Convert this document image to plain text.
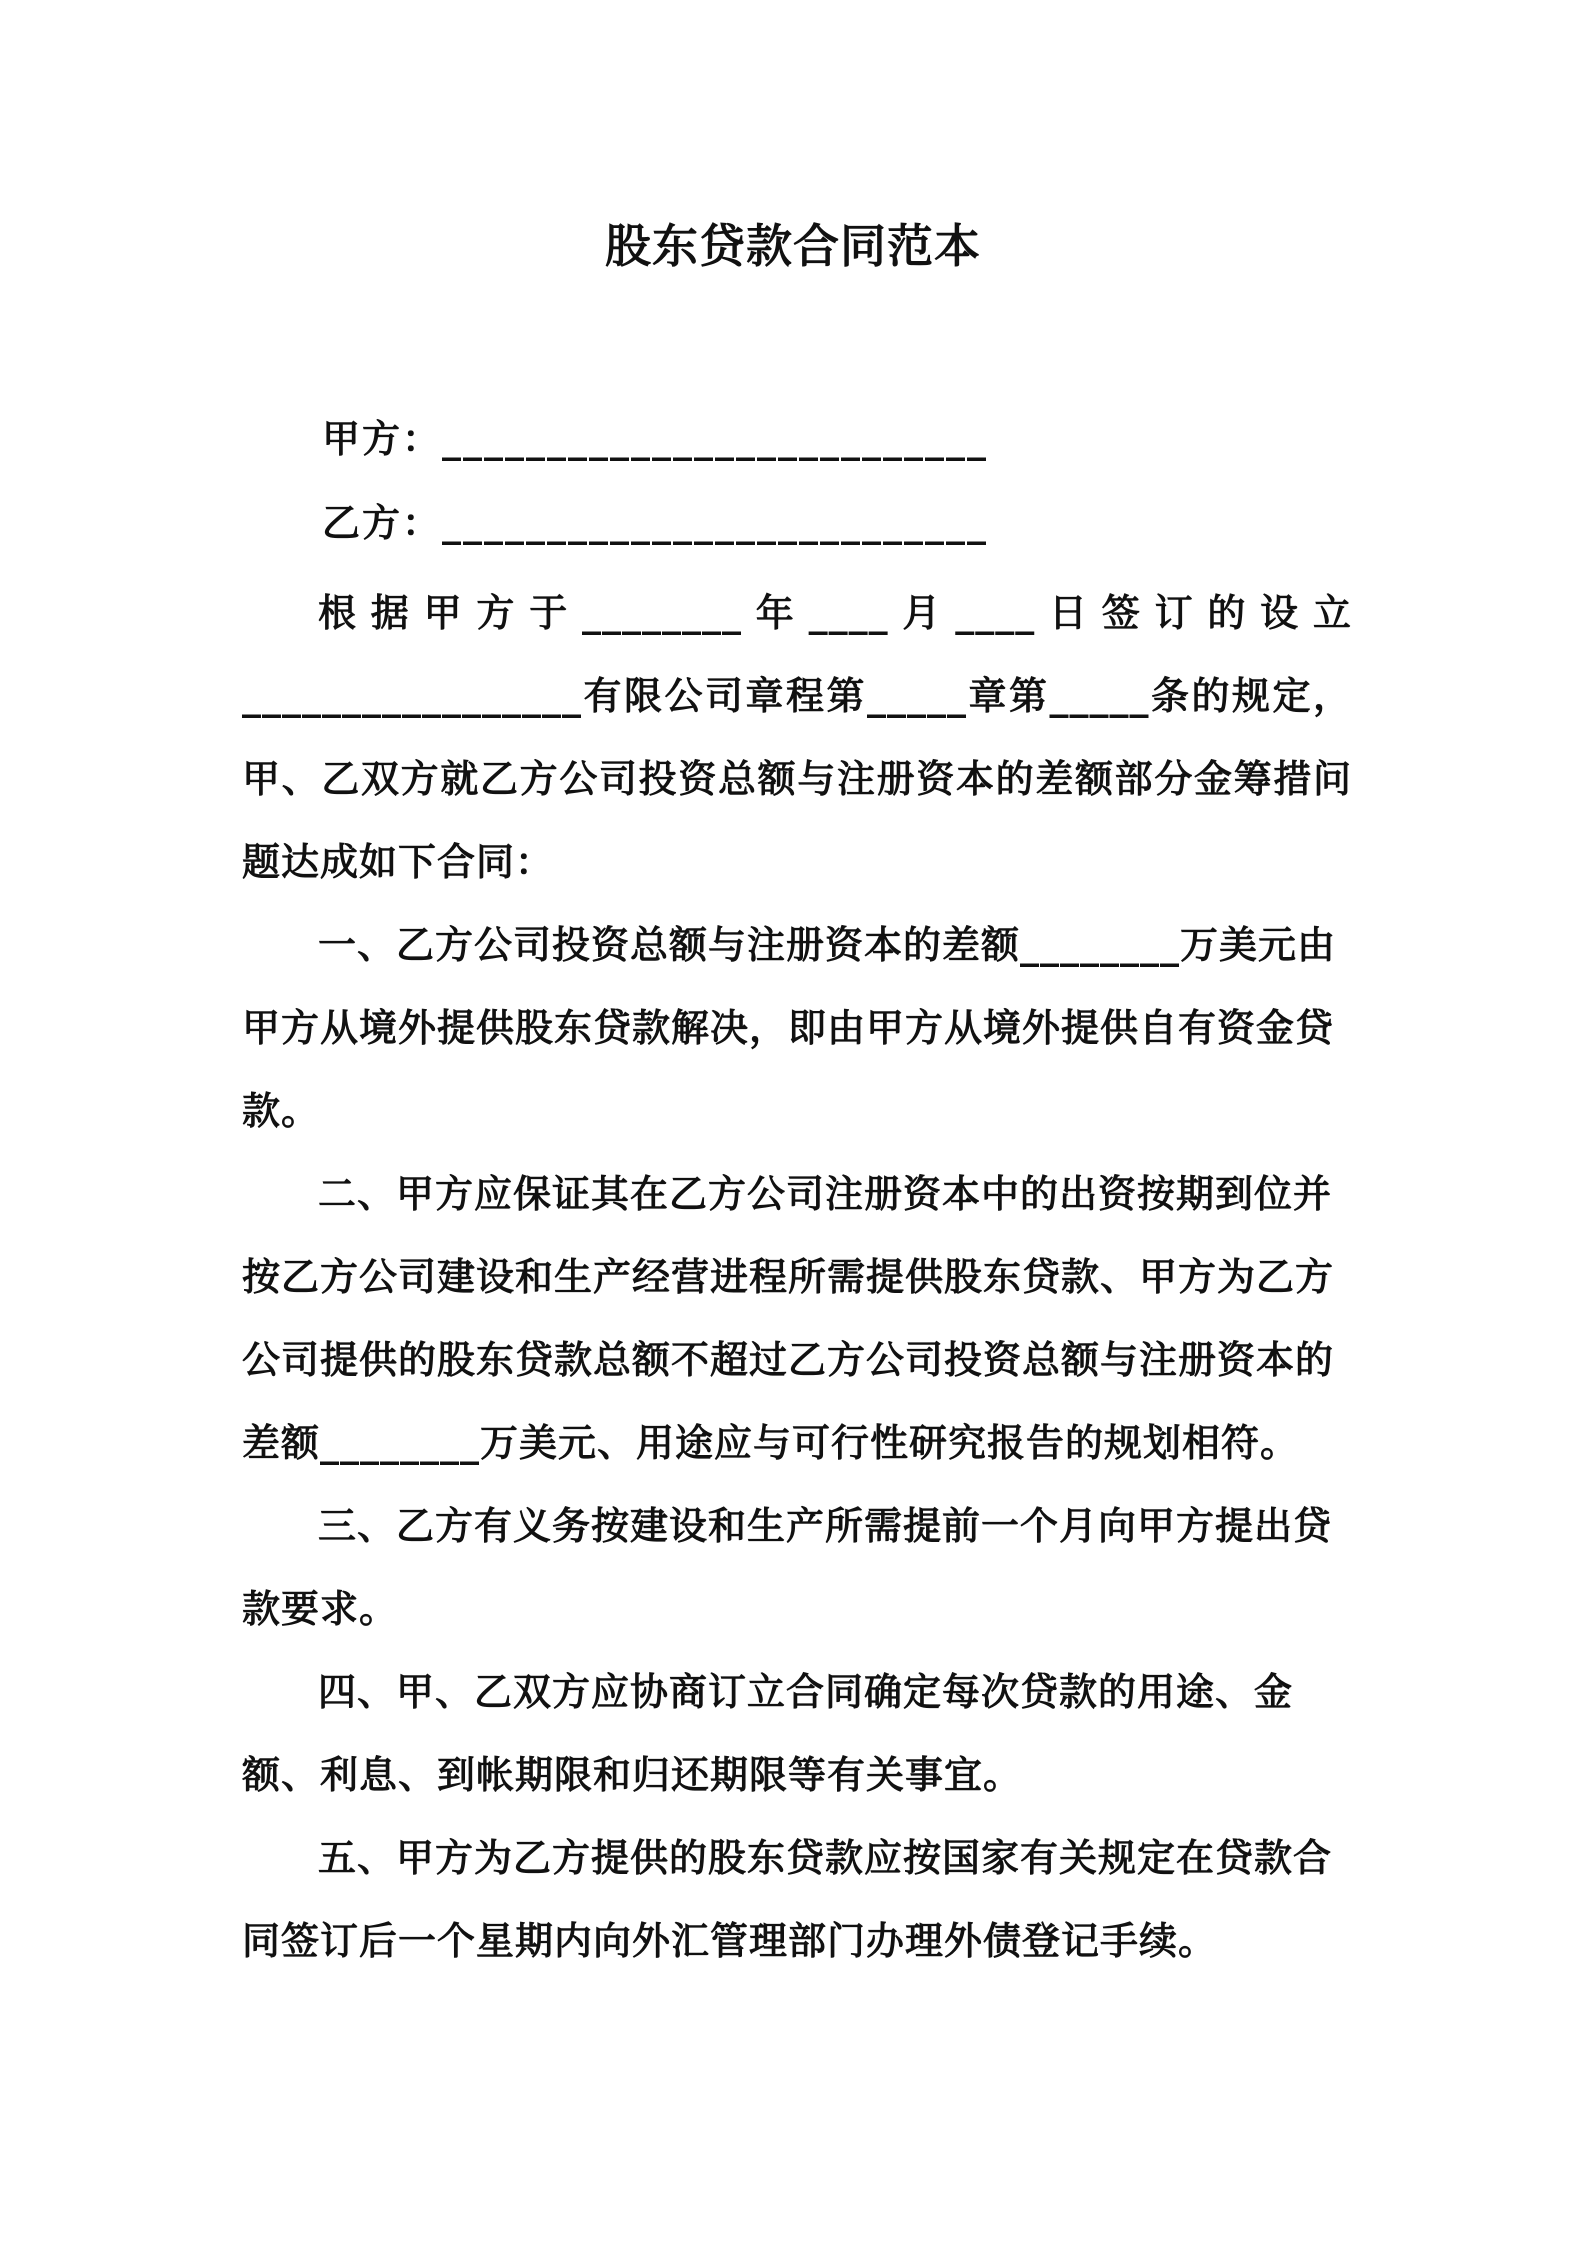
股东贷款合同范本
甲方：__________________________
乙方：__________________________

根据甲方于________年____月____日签订的设立_________________有限公司章程第_____章第_____条的规定，甲、乙双方就乙方公司投资总额与注册资本的差额部分金筹措问题达成如下合同：

一、乙方公司投资总额与注册资本的差额________万美元由甲方从境外提供股东贷款解决，即由甲方从境外提供自有资金贷款。

二、甲方应保证其在乙方公司注册资本中的出资按期到位并按乙方公司建设和生产经营进程所需提供股东贷款、甲方为乙方公司提供的股东贷款总额不超过乙方公司投资总额与注册资本的差额________万美元、用途应与可行性研究报告的规划相符。

三、乙方有义务按建设和生产所需提前一个月向甲方提出贷款要求。

四、甲、乙双方应协商订立合同确定每次贷款的用途、金额、利息、到帐期限和归还期限等有关事宜。

五、甲方为乙方提供的股东贷款应按国家有关规定在贷款合同签订后一个星期内向外汇管理部门办理外债登记手续。
